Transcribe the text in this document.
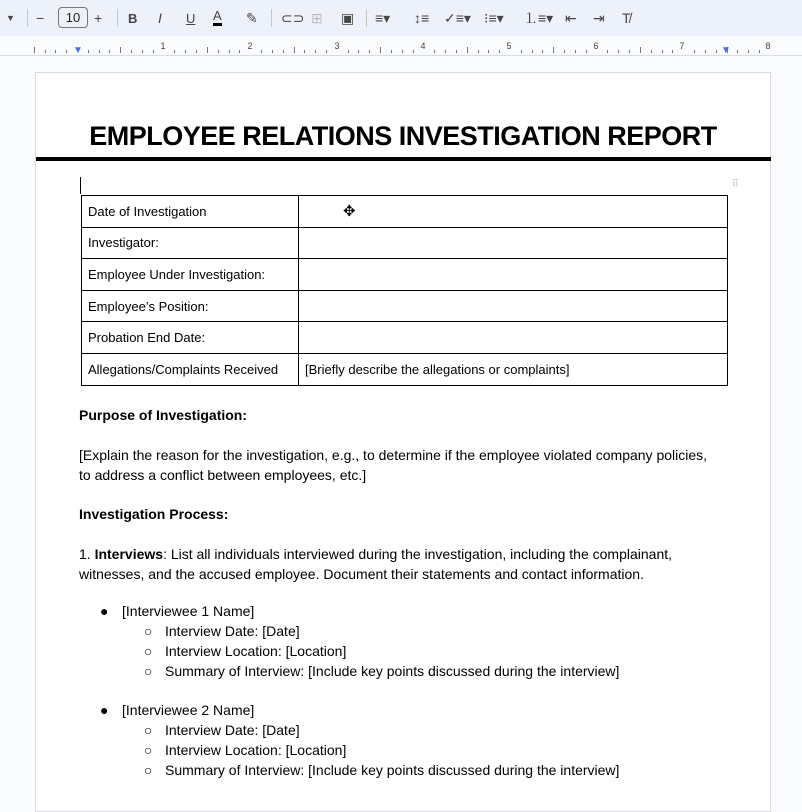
▼ −	10 + B I U A ✎ ⊂⊃ ⊞ ▣ ≡▾ ↕≡ ✓≡▾ ⁝≡▾ ⒈≡▾ ⇤ ⇥ T̸
1	2	3	4	5	6	7	8
▼	▼
EMPLOYEE RELATIONS INVESTIGATION REPORT
⠿
Date of Investigation	✥

Investigator:	
Employee Under Investigation:	
Employee’s Position:	
Probation End Date:	
Allegations/Complaints Received	[Briefly describe the allegations or complaints]
Purpose of Investigation:
[Explain the reason for the investigation, e.g., to determine if the employee violated company policies, to address a conflict between employees, etc.]
Investigation Process:
1. Interviews: List all individuals interviewed during the investigation, including the complainant, witnesses, and the accused employee. Document their statements and contact information.
● [Interviewee 1 Name]
○ Interview Date: [Date]
○ Interview Location: [Location]
○ Summary of Interview: [Include key points discussed during the interview]
● [Interviewee 2 Name]
○ Interview Date: [Date]
○ Interview Location: [Location]
○ Summary of Interview: [Include key points discussed during the interview]
